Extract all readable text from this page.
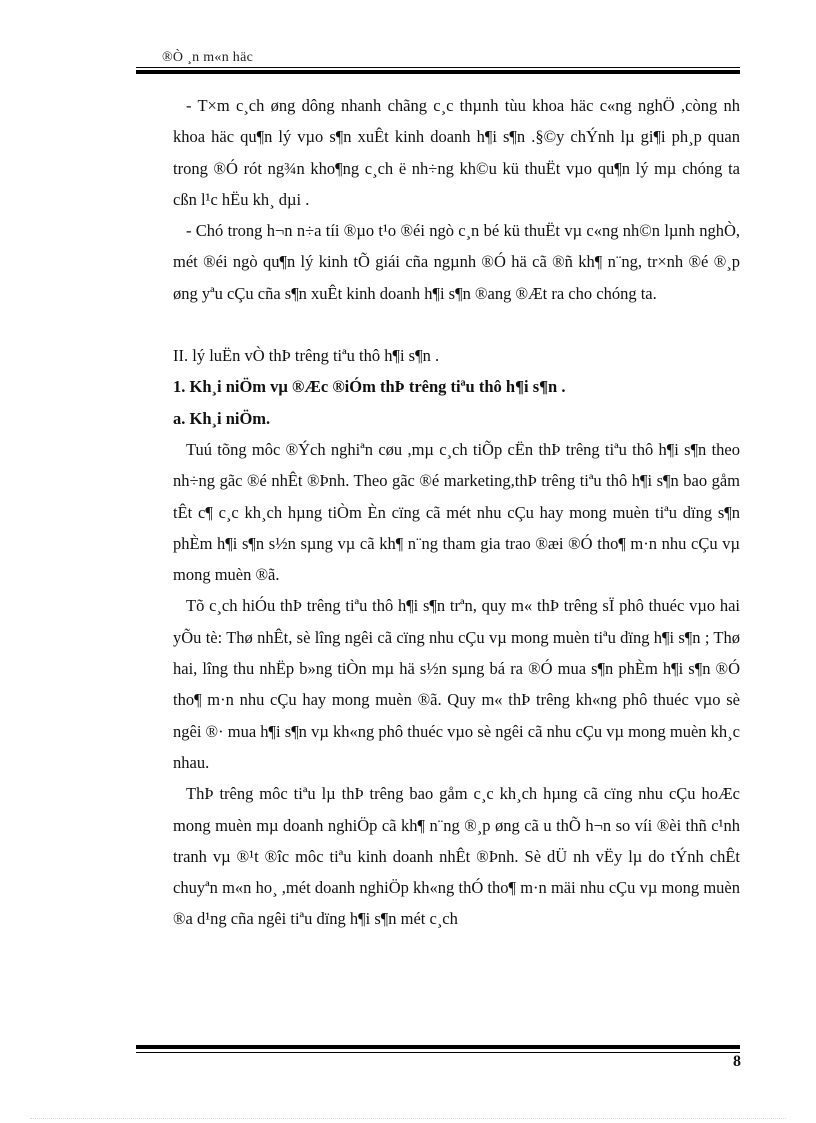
®Ò ¸n m«n häc

- T×m c¸ch øng dông nhanh chãng c¸c thµnh tùu khoa häc c«ng nghÖ ,còng nh khoa häc qu¶n lý vµo s¶n xuÊt kinh doanh h¶i s¶n .§©y chÝnh lµ gi¶i ph¸p quan trong ®Ó rót ng¾n kho¶ng c¸ch ë nh÷ng kh©u kü thuËt vµo qu¶n lý mµ chóng ta cßn l¹c hËu kh¸ dµi .

- Chó trong h¬n n÷a tíi ®µo t¹o ®éi ngò c¸n bé kü thuËt vµ c«ng nh©n lµnh nghÒ, mét ®éi ngò qu¶n lý kinh tÕ giái cña ngµnh ®Ó hä cã ®ñ kh¶ n¨ng, tr×nh ®é ®¸p øng yªu cÇu cña s¶n xuÊt kinh doanh h¶i s¶n ®ang ®Æt ra cho chóng ta.

II. lý luËn vÒ thÞ trêng tiªu thô h¶i s¶n .

1. Kh¸i niÖm vµ ®Æc ®iÓm thÞ trêng tiªu thô h¶i s¶n .

a. Kh¸i niÖm.

Tuú tõng môc ®Ých nghiªn cøu ,mµ c¸ch tiÕp cËn thÞ trêng tiªu thô h¶i s¶n theo nh÷ng gãc ®é nhÊt ®Þnh. Theo gãc ®é marketing,thÞ trêng tiªu thô h¶i s¶n bao gåm tÊt c¶ c¸c kh¸ch hµng tiÒm Èn cïng cã mét nhu cÇu hay mong muèn tiªu dïng s¶n phÈm h¶i s¶n s½n sµng vµ cã kh¶ n¨ng tham gia trao ®æi ®Ó tho¶ m·n nhu cÇu vµ mong muèn ®ã.

Tõ c¸ch hiÓu thÞ trêng tiªu thô h¶i s¶n trªn, quy m« thÞ trêng sÏ phô thuéc vµo hai yÕu tè: Thø nhÊt, sè lîng ngêi cã cïng nhu cÇu vµ mong muèn tiªu dïng h¶i s¶n ; Thø hai, lîng thu nhËp b»ng tiÒn mµ hä s½n sµng bá ra ®Ó mua s¶n phÈm h¶i s¶n ®Ó tho¶ m·n nhu cÇu hay mong muèn ®ã. Quy m« thÞ trêng kh«ng phô thuéc vµo sè ngêi ®· mua h¶i s¶n vµ kh«ng phô thuéc vµo sè ngêi cã nhu cÇu vµ mong muèn kh¸c nhau.

ThÞ trêng môc tiªu lµ thÞ trêng bao gåm c¸c kh¸ch hµng cã cïng nhu cÇu hoÆc mong muèn mµ doanh nghiÖp cã kh¶ n¨ng ®¸p øng cã u thÕ h¬n so víi ®èi thñ c¹nh tranh vµ ®¹t ®îc môc tiªu kinh doanh nhÊt ®Þnh. Sè dÜ nh vËy lµ do tÝnh chÊt chuyªn m«n ho¸ ,mét doanh nghiÖp kh«ng thÓ tho¶ m·n mäi nhu cÇu vµ mong muèn ®a d¹ng cña ngêi tiªu dïng h¶i s¶n mét c¸ch

8
